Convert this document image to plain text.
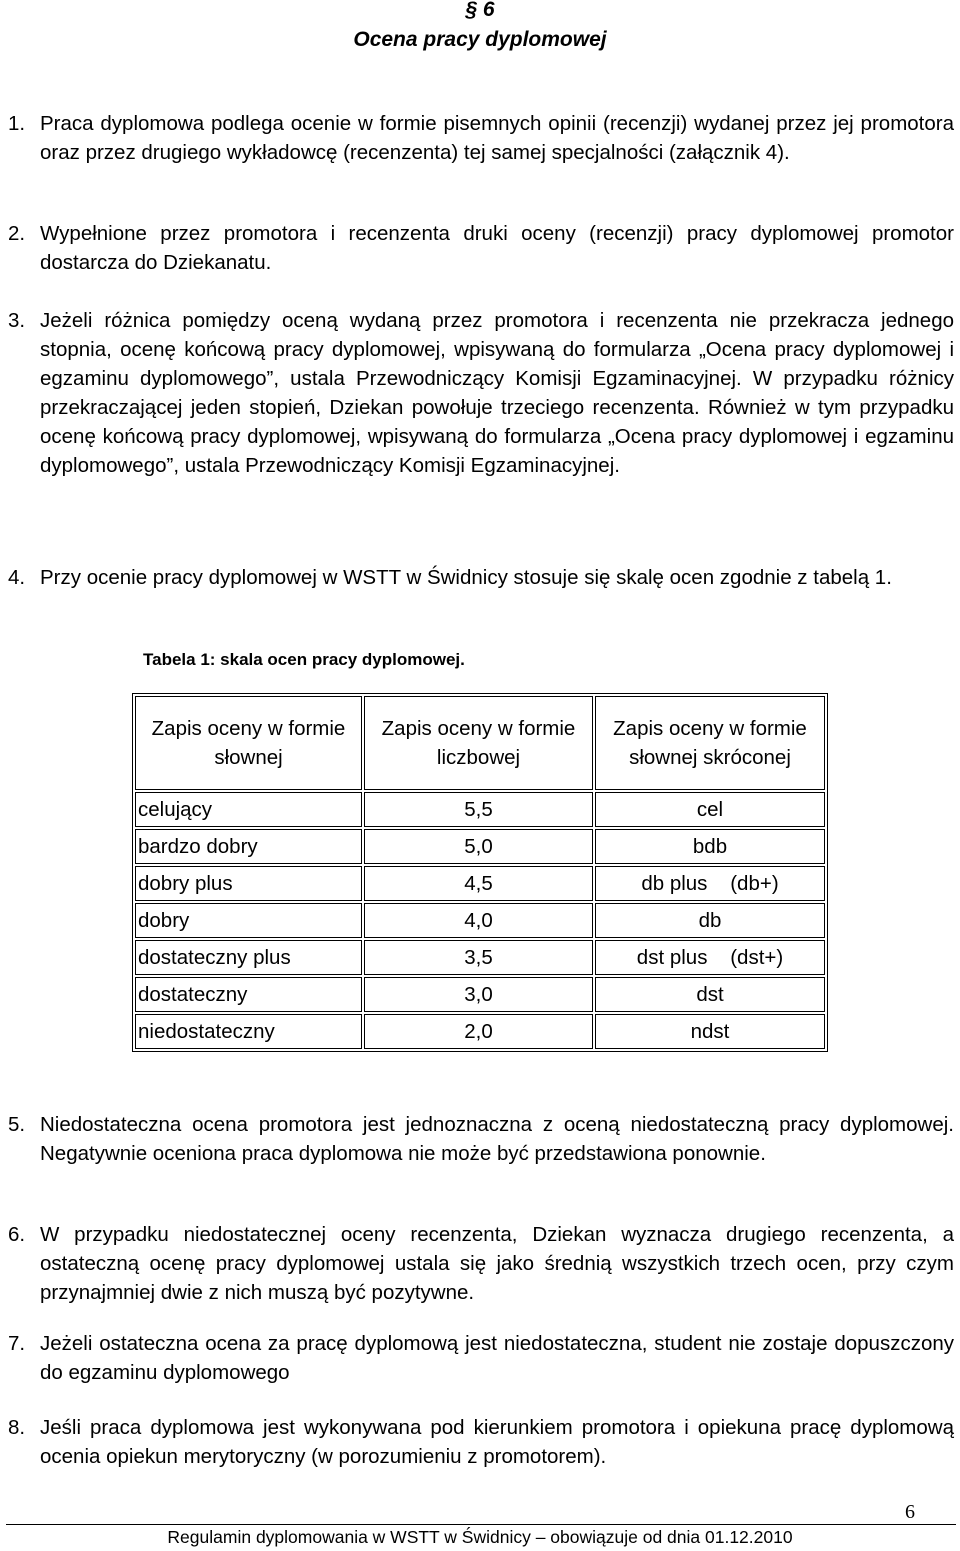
§ 6
Ocena pracy dyplomowej
1. Praca dyplomowa podlega ocenie w formie pisemnych opinii (recenzji) wydanej przez jej promotora oraz przez drugiego wykładowcę (recenzenta) tej samej specjalności (załącznik 4).
2. Wypełnione przez promotora i recenzenta druki oceny (recenzji) pracy dyplomowej promotor dostarcza do Dziekanatu.
3. Jeżeli różnica pomiędzy oceną wydaną przez promotora i recenzenta nie przekracza jednego stopnia, ocenę końcową pracy dyplomowej, wpisywaną do formularza „Ocena pracy dyplomowej i egzaminu dyplomowego”, ustala Przewodniczący Komisji Egzaminacyjnej. W przypadku różnicy przekraczającej jeden stopień, Dziekan powołuje trzeciego recenzenta. Również w tym przypadku ocenę końcową pracy dyplomowej, wpisywaną do formularza „Ocena pracy dyplomowej i egzaminu dyplomowego”, ustala Przewodniczący Komisji Egzaminacyjnej.
4. Przy ocenie pracy dyplomowej w WSTT w Świdnicy stosuje się skalę ocen zgodnie z tabelą 1.
Tabela 1: skala ocen pracy dyplomowej.
Zapis oceny w formie słownej	Zapis oceny w formie liczbowej	Zapis oceny w formie słownej skróconej
celujący	5,5	cel
bardzo dobry	5,0	bdb
dobry plus	4,5	db plus    (db+)
dobry	4,0	db
dostateczny plus	3,5	dst plus    (dst+)
dostateczny	3,0	dst
niedostateczny	2,0	ndst
5. Niedostateczna ocena promotora jest jednoznaczna z oceną niedostateczną pracy dyplomowej. Negatywnie oceniona praca dyplomowa nie może być przedstawiona ponownie.
6. W przypadku niedostatecznej oceny recenzenta, Dziekan wyznacza drugiego recenzenta, a ostateczną ocenę pracy dyplomowej ustala się jako średnią wszystkich trzech ocen, przy czym przynajmniej dwie z nich muszą być pozytywne.
7. Jeżeli ostateczna ocena za pracę dyplomową jest niedostateczna, student nie zostaje dopuszczony do egzaminu dyplomowego
8. Jeśli praca dyplomowa jest wykonywana pod kierunkiem promotora i opiekuna pracę dyplomową ocenia opiekun merytoryczny (w porozumieniu z promotorem).
6
Regulamin dyplomowania w WSTT w Świdnicy – obowiązuje od dnia 01.12.2010
